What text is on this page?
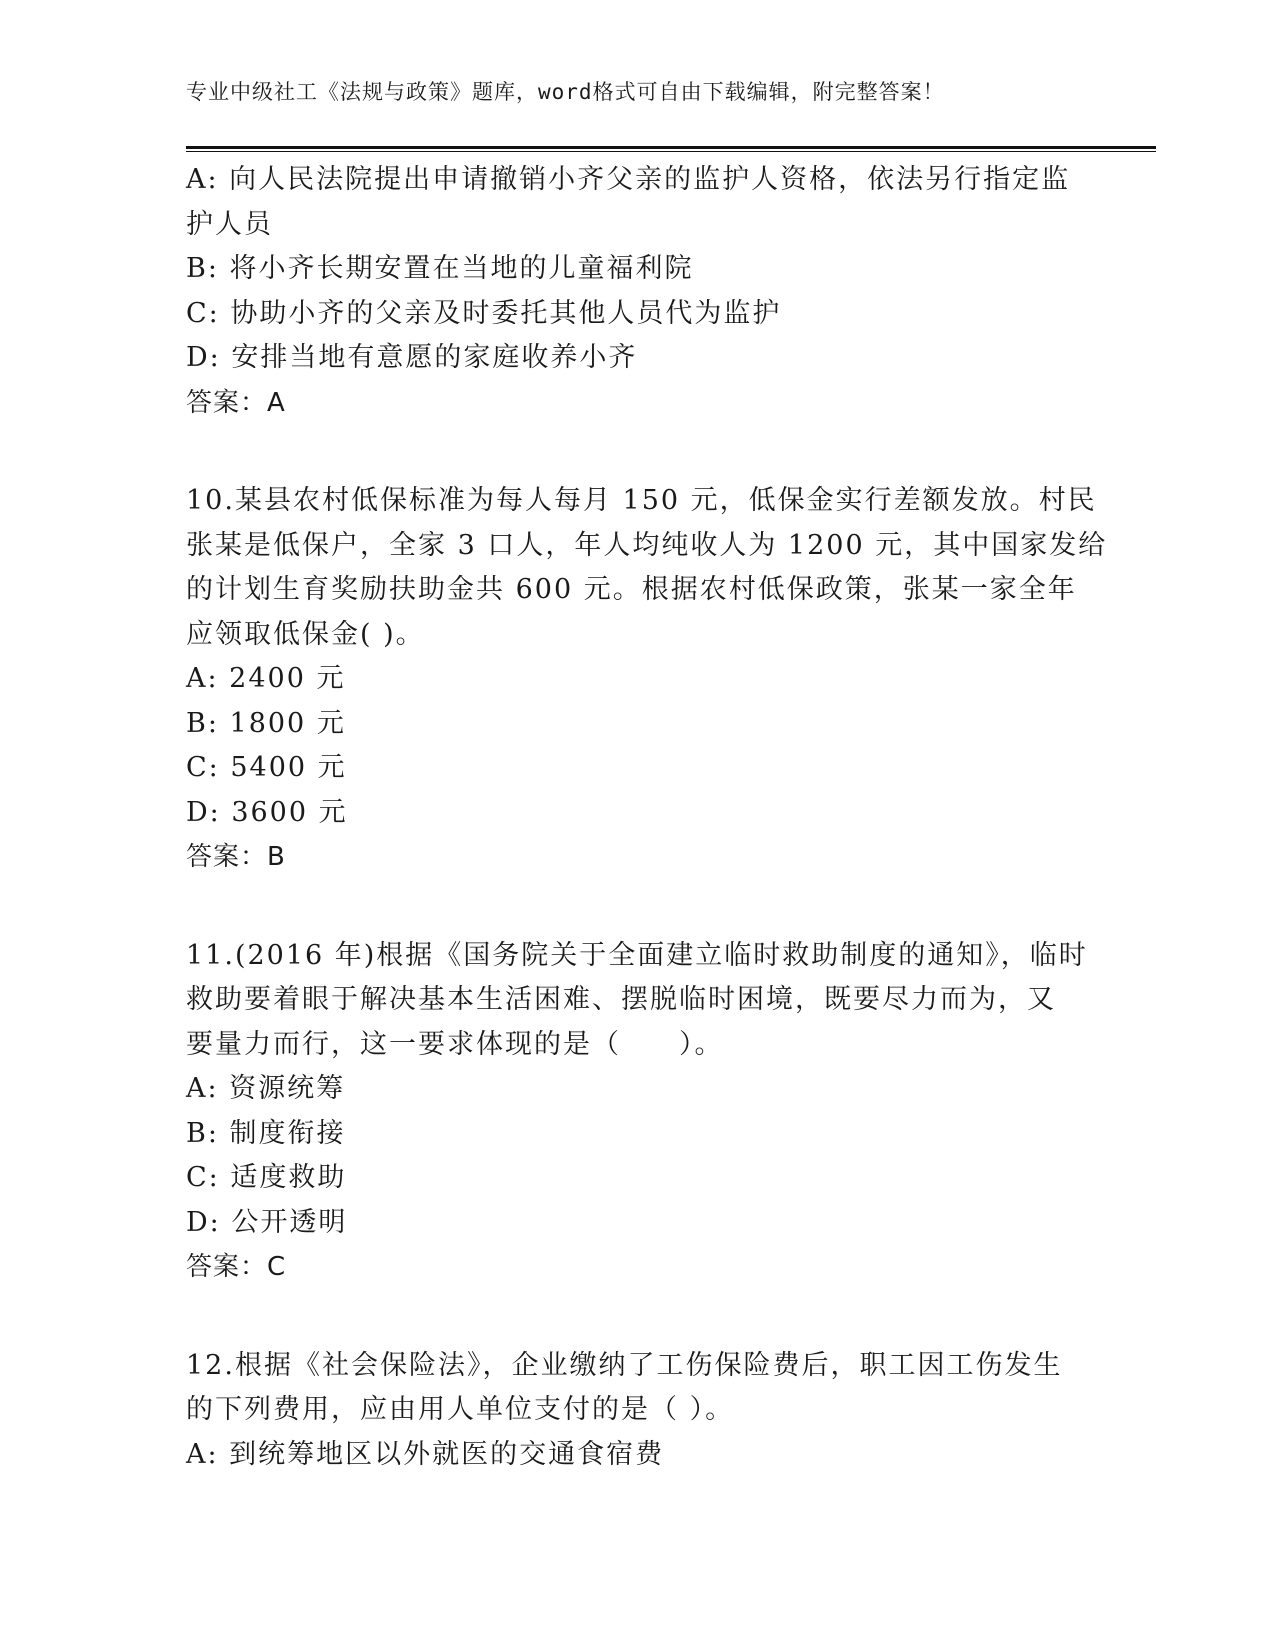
专业中级社工《法规与政策》题库，word格式可自由下载编辑，附完整答案！
A: 向人民法院提出申请撤销小齐父亲的监护人资格，依法另行指定监
护人员
B: 将小齐长期安置在当地的儿童福利院
C: 协助小齐的父亲及时委托其他人员代为监护
D: 安排当地有意愿的家庭收养小齐
答案：A
10.某县农村低保标准为每人每月 150 元，低保金实行差额发放。村民
张某是低保户，全家 3 口人，年人均纯收人为 1200 元，其中国家发给
的计划生育奖励扶助金共 600 元。根据农村低保政策，张某一家全年
应领取低保金( )。
A: 2400 元
B: 1800 元
C: 5400 元
D: 3600 元
答案：B
11.(2016 年)根据《国务院关于全面建立临时救助制度的通知》，临时
救助要着眼于解决基本生活困难、摆脱临时困境，既要尽力而为，又
要量力而行，这一要求体现的是（　　）。
A: 资源统筹
B: 制度衔接
C: 适度救助
D: 公开透明
答案：C
12.根据《社会保险法》，企业缴纳了工伤保险费后，职工因工伤发生
的下列费用，应由用人单位支付的是（ ）。
A: 到统筹地区以外就医的交通食宿费
